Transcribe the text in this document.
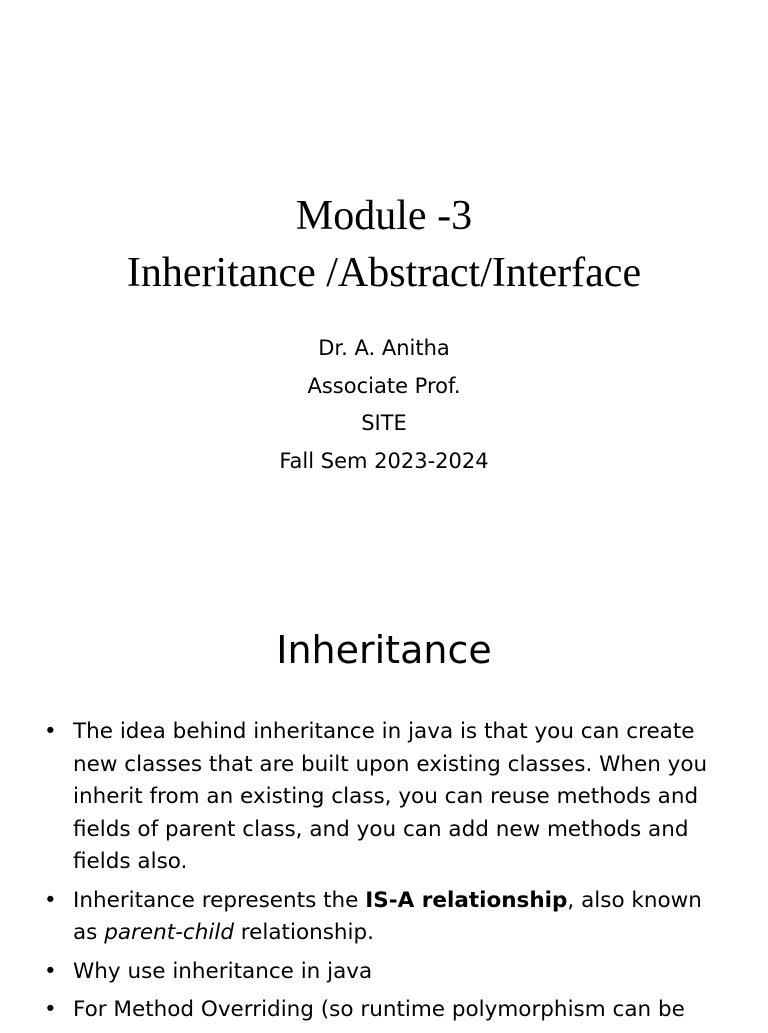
Module -3
Inheritance /Abstract/Interface
Dr. A. Anitha
Associate Prof.
SITE
Fall Sem 2023-2024
Inheritance
• The idea behind inheritance in java is that you can create new classes that are built upon existing classes. When you inherit from an existing class, you can reuse methods and fields of parent class, and you can add new methods and fields also.
• Inheritance represents the IS-A relationship, also known as parent-child relationship.
• Why use inheritance in java
• For Method Overriding (so runtime polymorphism can be
